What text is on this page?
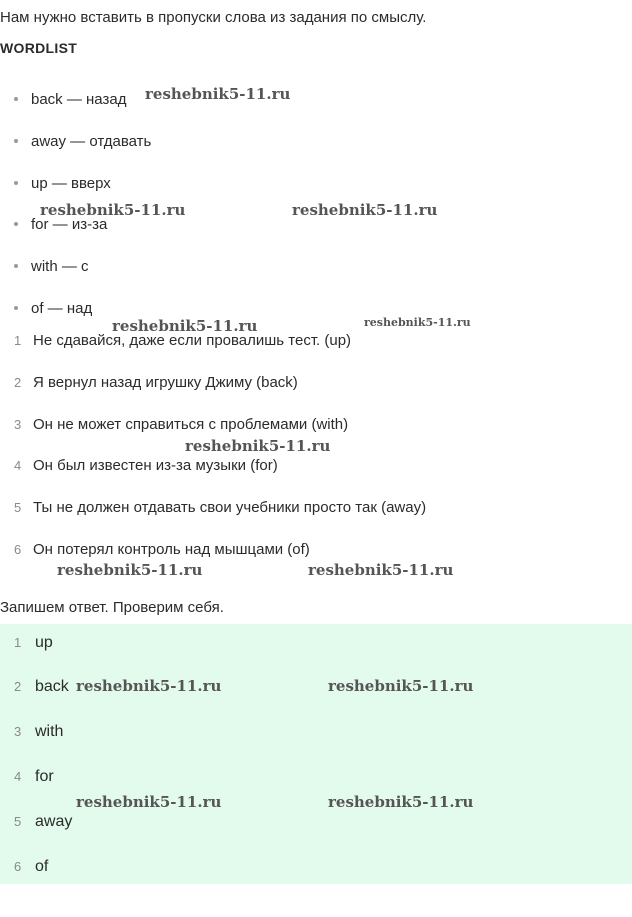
Нам нужно вставить в пропуски слова из задания по смыслу.
WORDLIST
back — назад
away — отдавать
up — вверх
for — из-за
with — с
of — над
1 Не сдавайся, даже если провалишь тест. (up)
2 Я вернул назад игрушку Джиму (back)
3 Он не может справиться с проблемами (with)
4 Он был известен из-за музыки (for)
5 Ты не должен отдавать свои учебники просто так (away)
6 Он потерял контроль над мышцами (of)
Запишем ответ. Проверим себя.
1 up
2 back
3 with
4 for
5 away
6 of
reshebnik5-11.ru
reshebnik5-11.ru	reshebnik5-11.ru
reshebnik5-11.ru	reshebnik5-11.ru
reshebnik5-11.ru
reshebnik5-11.ru	reshebnik5-11.ru
reshebnik5-11.ru	reshebnik5-11.ru
reshebnik5-11.ru	reshebnik5-11.ru
